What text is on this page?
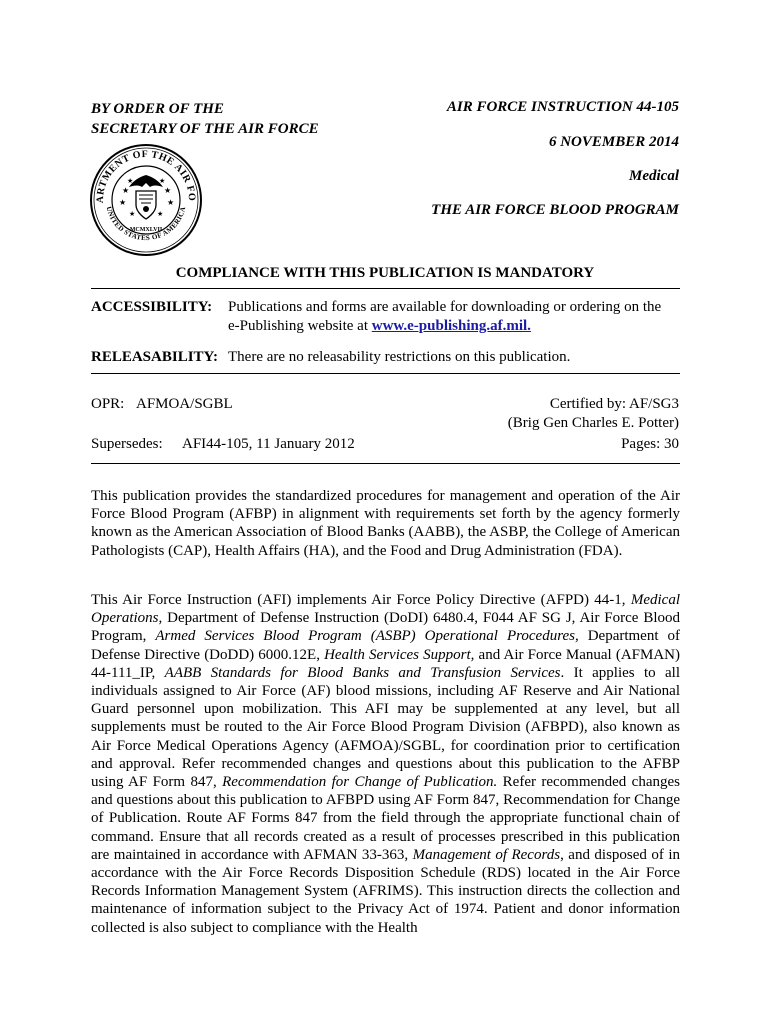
BY ORDER OF THE
SECRETARY OF THE AIR FORCE
AIR FORCE INSTRUCTION 44-105
6 NOVEMBER 2014
Medical
THE AIR FORCE BLOOD PROGRAM
ARTMENT OF THE AIR FO
UNITED STATES OF AMERICA
★	★
★	★
★	★
★	★
MCMXLVII
COMPLIANCE WITH THIS PUBLICATION IS MANDATORY
ACCESSIBILITY: Publications and forms are available for downloading or ordering on the
e-Publishing website at www.e-publishing.af.mil.
RELEASABILITY: There are no releasability restrictions on this publication.
OPR: AFMOA/SGBL	Certified by: AF/SG3
(Brig Gen Charles E. Potter)
Supersedes: AFI44-105, 11 January 2012	Pages: 30
This publication provides the standardized procedures for management and operation of the Air Force Blood Program (AFBP) in alignment with requirements set forth by the agency formerly known as the American Association of Blood Banks (AABB), the ASBP, the College of American Pathologists (CAP), Health Affairs (HA), and the Food and Drug Administration (FDA).
This Air Force Instruction (AFI) implements Air Force Policy Directive (AFPD) 44-1, Medical Operations, Department of Defense Instruction (DoDI) 6480.4, F044 AF SG J, Air Force Blood Program, Armed Services Blood Program (ASBP) Operational Procedures, Department of Defense Directive (DoDD) 6000.12E, Health Services Support, and Air Force Manual (AFMAN) 44-111_IP, AABB Standards for Blood Banks and Transfusion Services. It applies to all individuals assigned to Air Force (AF) blood missions, including AF Reserve and Air National Guard personnel upon mobilization. This AFI may be supplemented at any level, but all supplements must be routed to the Air Force Blood Program Division (AFBPD), also known as Air Force Medical Operations Agency (AFMOA)/SGBL, for coordination prior to certification and approval. Refer recommended changes and questions about this publication to the AFBP using AF Form 847, Recommendation for Change of Publication. Refer recommended changes and questions about this publication to AFBPD using AF Form 847, Recommendation for Change of Publication. Route AF Forms 847 from the field through the appropriate functional chain of command. Ensure that all records created as a result of processes prescribed in this publication are maintained in accordance with AFMAN 33-363, Management of Records, and disposed of in accordance with the Air Force Records Disposition Schedule (RDS) located in the Air Force Records Information Management System (AFRIMS). This instruction directs the collection and maintenance of information subject to the Privacy Act of 1974. Patient and donor information collected is also subject to compliance with the Health
